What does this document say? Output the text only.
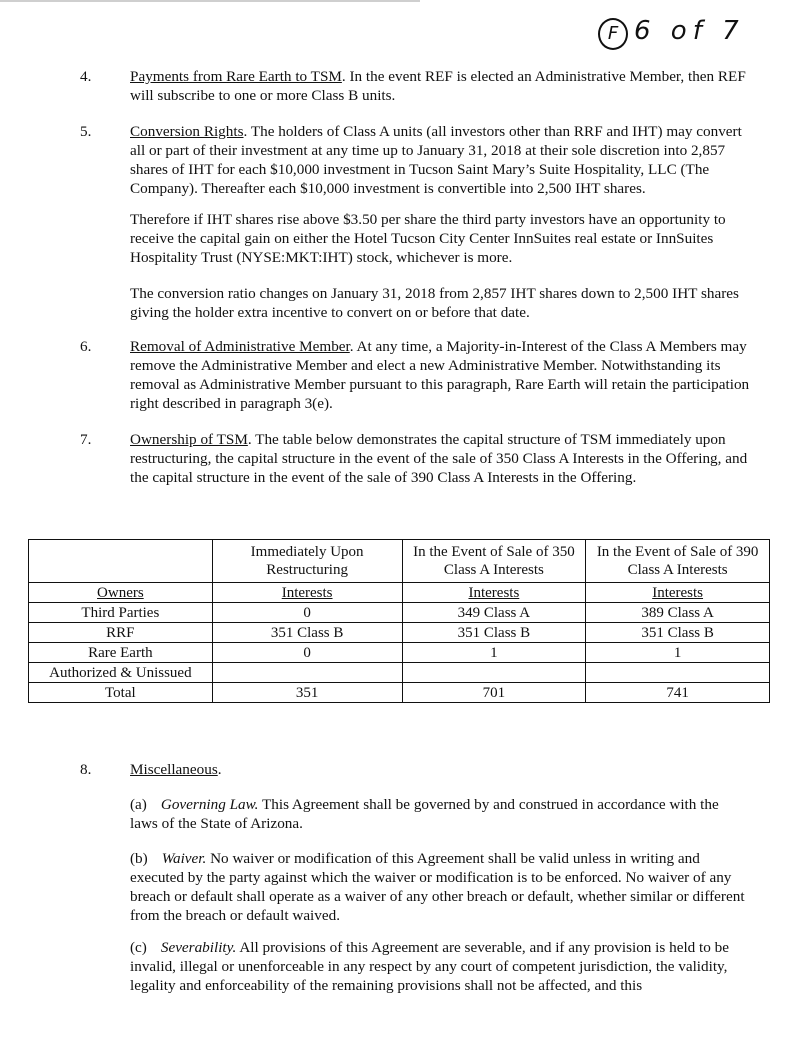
F 6 of 7
4.	Payments from Rare Earth to TSM. In the event REF is elected an Administrative Member, then REF will subscribe to one or more Class B units.
5.	Conversion Rights. The holders of Class A units (all investors other than RRF and IHT) may convert all or part of their investment at any time up to January 31, 2018 at their sole discretion into 2,857 shares of IHT for each $10,000 investment in Tucson Saint Mary’s Suite Hospitality, LLC (The Company). Thereafter each $10,000 investment is convertible into 2,500 IHT shares.
Therefore if IHT shares rise above $3.50 per share the third party investors have an opportunity to receive the capital gain on either the Hotel Tucson City Center InnSuites real estate or InnSuites Hospitality Trust (NYSE:MKT:IHT) stock, whichever is more.
The conversion ratio changes on January 31, 2018 from 2,857 IHT shares down to 2,500 IHT shares giving the holder extra incentive to convert on or before that date.
6.	Removal of Administrative Member. At any time, a Majority-in-Interest of the Class A Members may remove the Administrative Member and elect a new Administrative Member. Notwithstanding its removal as Administrative Member pursuant to this paragraph, Rare Earth will retain the participation right described in paragraph 3(e).
7.	Ownership of TSM. The table below demonstrates the capital structure of TSM immediately upon restructuring, the capital structure in the event of the sale of 350 Class A Interests in the Offering, and the capital structure in the event of the sale of 390 Class A Interests in the Offering.
	Immediately Upon Restructuring	In the Event of Sale of 350 Class A Interests	In the Event of Sale of 390 Class A Interests
Owners	Interests	Interests	Interests
Third Parties	0	349 Class A	389 Class A
RRF	351 Class B	351 Class B	351 Class B
Rare Earth	0	1	1
Authorized & Unissued			
Total	351	701	741
8.	Miscellaneous.
(a) Governing Law. This Agreement shall be governed by and construed in accordance with the laws of the State of Arizona.
(b) Waiver. No waiver or modification of this Agreement shall be valid unless in writing and executed by the party against which the waiver or modification is to be enforced. No waiver of any breach or default shall operate as a waiver of any other breach or default, whether similar or different from the breach or default waived.
(c) Severability. All provisions of this Agreement are severable, and if any provision is held to be invalid, illegal or unenforceable in any respect by any court of competent jurisdiction, the validity, legality and enforceability of the remaining provisions shall not be affected, and this
